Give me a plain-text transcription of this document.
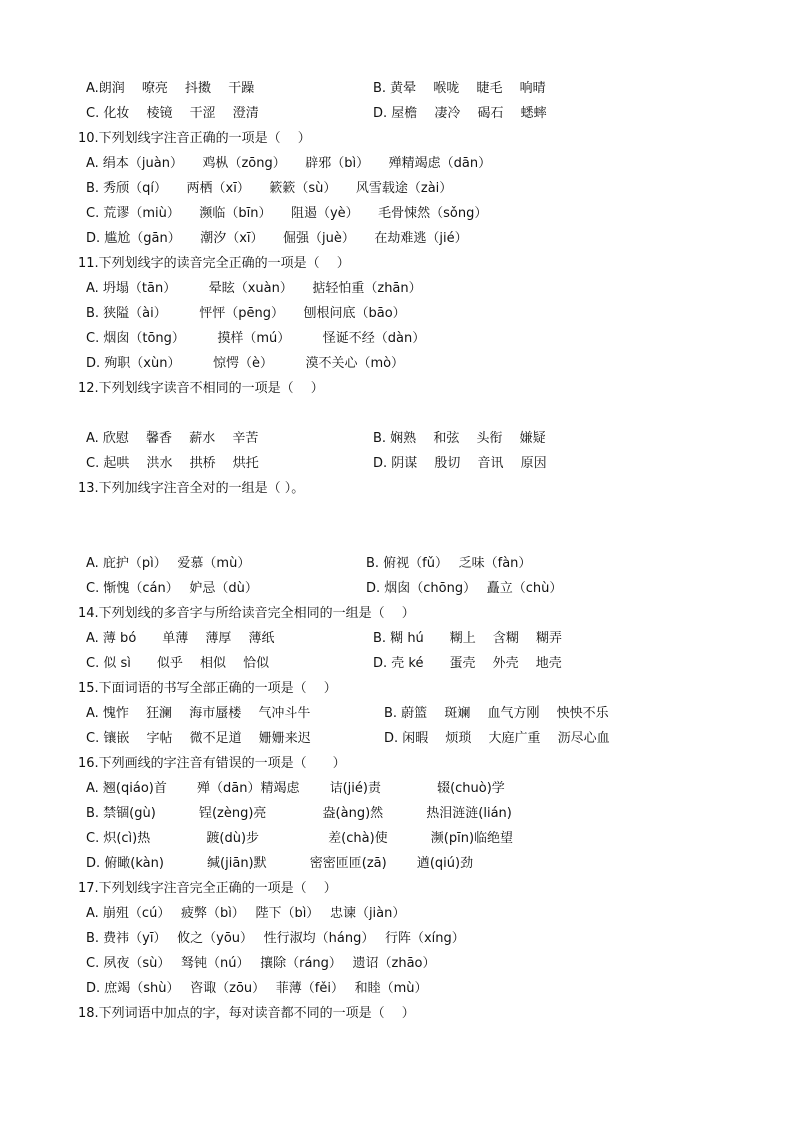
A.朗润　 嘹亮　 抖擞　 干躁	B. 黄晕　 喉咙　 睫毛　 响晴
C. 化妆　 棱镜　 干涩　 澄清	D. 屋檐　 凄冷　 碣石　 蟋蟀
10.下列划线字注音正确的一项是（　 ）
A. 绢本（juàn）　　鸡枞（zōng）　　辟邪（bì）　　殚精竭虑（dān）
B. 秀颀（qí）　　两栖（xī）　　簌簌（sù）　　风雪载途（zài）
C. 荒谬（miù）　　濒临（bīn）　　阻遏（yè）　　毛骨悚然（sǒng）
D. 尴尬（gān）　　潮汐（xī）　　倔强（juè）　　在劫难逃（jié）
11.下列划线字的读音完全正确的一项是（　 ）
A. 坍塌（tān）　　　晕眩（xuàn）　　掂轻怕重（zhān）
B. 狭隘（ài）　　　怦怦（pēng）　　刨根问底（bāo）
C. 烟囱（tōng）　　　摸样（mú）　　　怪诞不经（dàn）
D. 殉职（xùn）　　　惊愕（è）　　　漠不关心（mò）
12.下列划线字读音不相同的一项是（　 ）
A. 欣慰　 馨香　 薪水　 辛苦	B. 娴熟　 和弦　 头衔　 嫌疑
C. 起哄　 洪水　 拱桥　 烘托	D. 阴谋　 殷切　 音讯　 原因
13.下列加线字注音全对的一组是（ ）。
A. 庇护（pì）　 爱慕（mù）	B. 俯视（fǔ）　 乏味（fàn）
C. 惭愧（cán）　 妒忌（dù）	D. 烟囱（chōng）　 矗立（chù）
14.下列划线的多音字与所给读音完全相同的一组是（　 ）
A. 薄 bó　　单薄　 薄厚　 薄纸	B. 糊 hú　　糊上　 含糊　 糊弄
C. 似 sì　　似乎　 相似　 恰似	D. 壳 ké　　蛋壳　 外壳　 地壳
15.下面词语的书写全部正确的一项是（　 ）
A. 愧怍　 狂澜　 海市蜃楼　 气冲斗牛	B. 蔚篮　 斑斓　 血气方刚　 怏怏不乐
C. 镶嵌　 字帖　 微不足道　 姗姗来迟	D. 闲暇　 烦琐　 大庭广重　 沥尽心血
16.下列画线的字注音有错误的一项是（　　）
A. 翘(qiáo)首　　 殚（dān）精竭虑　　 诘(jié)责　　　　 辍(chuò)学
B. 禁锢(gù)　　　 锃(zèng)亮　　　　 盎(àng)然　　　 热泪涟涟(lián)
C. 炽(cì)热　　　　 踱(dù)步　　　　　 差(chà)使　　　 濒(pīn)临绝望
D. 俯瞰(kàn)　　　 缄(jiān)默　　　 密密匝匝(zā)　　 遒(qiú)劲
17.下列划线字注音完全正确的一项是（　 ）
A. 崩殂（cú）　 疲弊（bì）　 陛下（bì）　 忠谏（jiàn）
B. 费祎（yī）　 攸之（yōu）　 性行淑均（háng）　 行阵（xíng）
C. 夙夜（sù）　 驽钝（nú）　 攘除（ráng）　 遗诏（zhāo）
D. 庶竭（shù）　 咨诹（zōu）　 菲薄（fěi）　 和睦（mù）
18.下列词语中加点的字，每对读音都不同的一项是（　 ）
